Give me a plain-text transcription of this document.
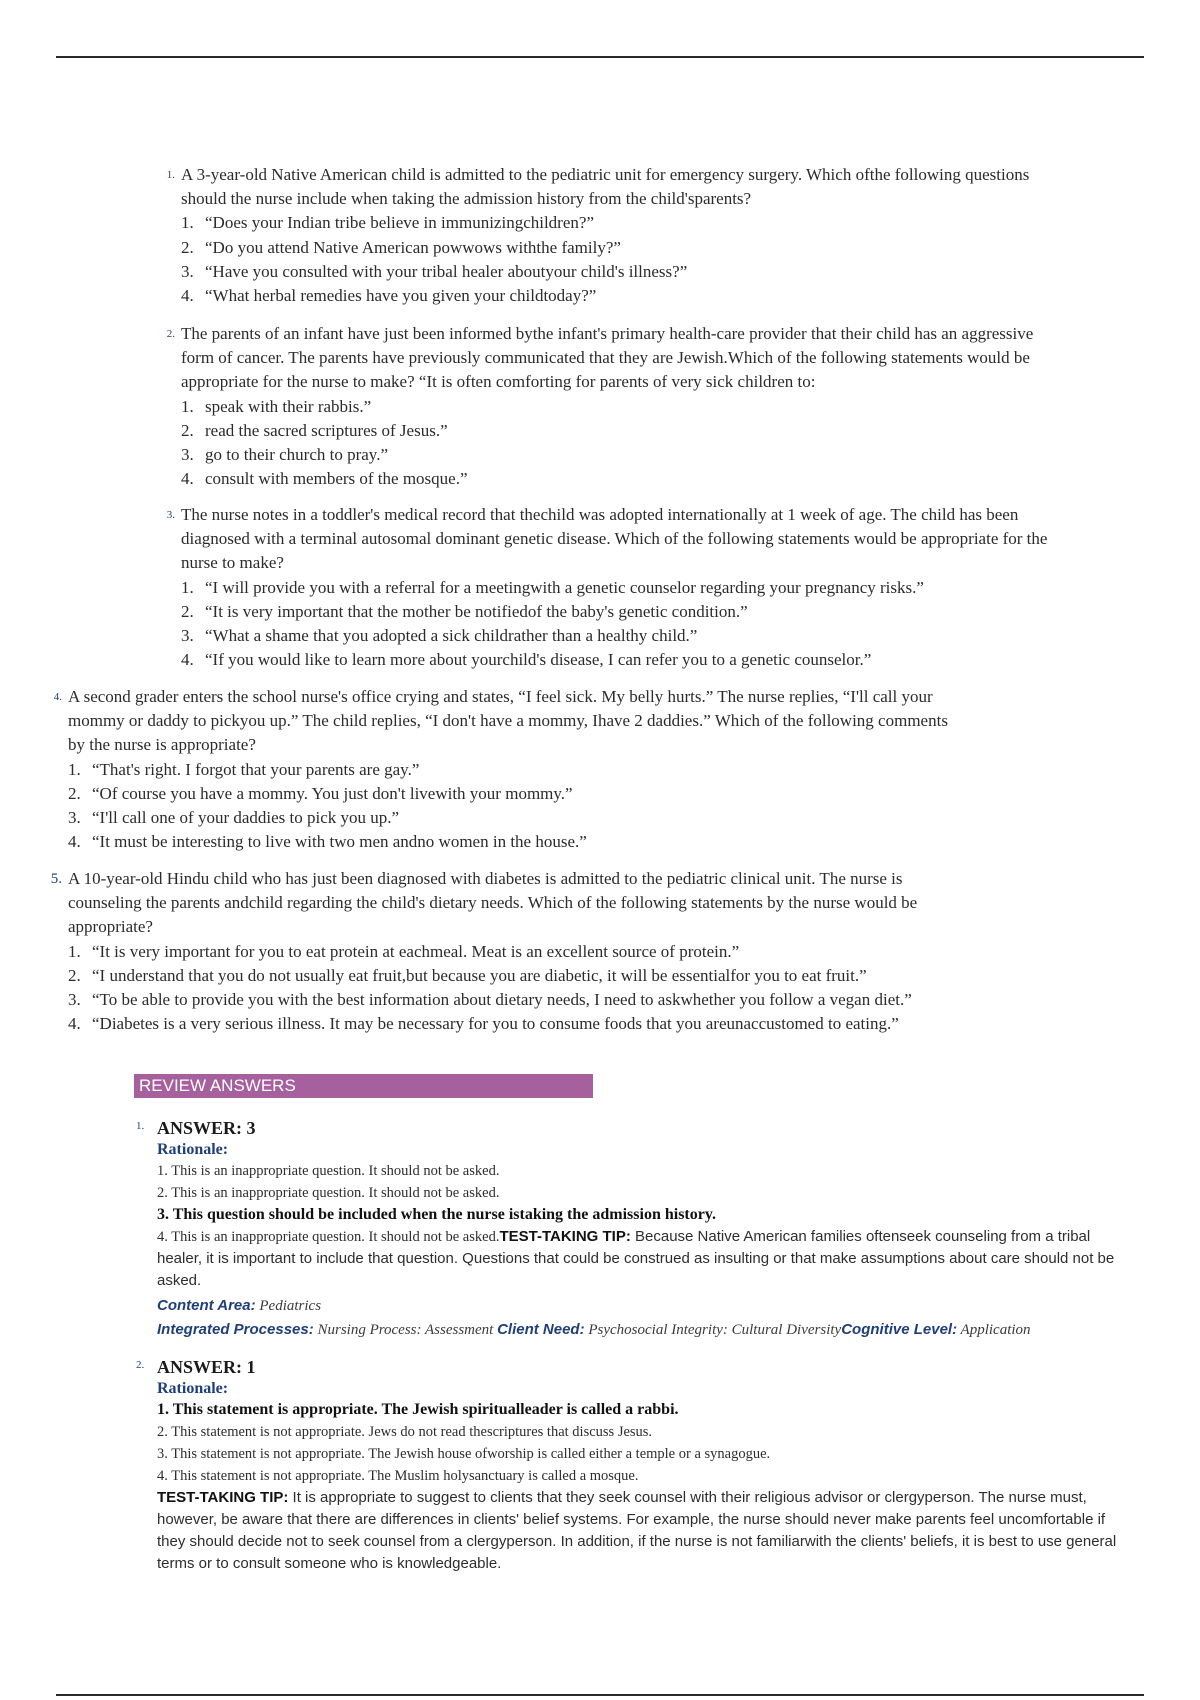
1. A 3-year-old Native American child is admitted to the pediatric unit for emergency surgery. Which ofthe following questions
should the nurse include when taking the admission history from the child'sparents?
1. “Does your Indian tribe believe in immunizingchildren?”
2. “Do you attend Native American powwows withthe family?”
3. “Have you consulted with your tribal healer aboutyour child's illness?”
4. “What herbal remedies have you given your childtoday?”
2. The parents of an infant have just been informed bythe infant's primary health-care provider that their child has an aggressive
form of cancer. The parents have previously communicated that they are Jewish.Which of the following statements would be
appropriate for the nurse to make? “It is often comforting for parents of very sick children to:
1. speak with their rabbis.”
2. read the sacred scriptures of Jesus.”
3. go to their church to pray.”
4. consult with members of the mosque.”
3. The nurse notes in a toddler's medical record that thechild was adopted internationally at 1 week of age. The child has been
diagnosed with a terminal autosomal dominant genetic disease. Which of the following statements would be appropriate for the
nurse to make?
1. “I will provide you with a referral for a meetingwith a genetic counselor regarding your pregnancy risks.”
2. “It is very important that the mother be notifiedof the baby's genetic condition.”
3. “What a shame that you adopted a sick childrather than a healthy child.”
4. “If you would like to learn more about yourchild's disease, I can refer you to a genetic counselor.”
4. A second grader enters the school nurse's office crying and states, “I feel sick. My belly hurts.” The nurse replies, “I'll call your
mommy or daddy to pickyou up.” The child replies, “I don't have a mommy, Ihave 2 daddies.” Which of the following comments
by the nurse is appropriate?
1. “That's right. I forgot that your parents are gay.”
2. “Of course you have a mommy. You just don't livewith your mommy.”
3. “I'll call one of your daddies to pick you up.”
4. “It must be interesting to live with two men andno women in the house.”
5. A 10-year-old Hindu child who has just been diagnosed with diabetes is admitted to the pediatric clinical unit. The nurse is
counseling the parents andchild regarding the child's dietary needs. Which of the following statements by the nurse would be
appropriate?
1. “It is very important for you to eat protein at eachmeal. Meat is an excellent source of protein.”
2. “I understand that you do not usually eat fruit,but because you are diabetic, it will be essentialfor you to eat fruit.”
3. “To be able to provide you with the best information about dietary needs, I need to askwhether you follow a vegan diet.”
4. “Diabetes is a very serious illness. It may be necessary for you to consume foods that you areunaccustomed to eating.”
REVIEW ANSWERS
1. ANSWER: 3
Rationale:
1. This is an inappropriate question. It should not be asked.
2. This is an inappropriate question. It should not be asked.
3. This question should be included when the nurse istaking the admission history.
4. This is an inappropriate question. It should not be asked.TEST-TAKING TIP: Because Native American families oftenseek counseling from a tribal
healer, it is important to include that question. Questions that could be construed as insulting or that make assumptions about care should not be
asked.
Content Area: Pediatrics
Integrated Processes: Nursing Process: Assessment Client Need: Psychosocial Integrity: Cultural DiversityCognitive Level: Application
2. ANSWER: 1
Rationale:
1. This statement is appropriate. The Jewish spiritualleader is called a rabbi.
2. This statement is not appropriate. Jews do not read thescriptures that discuss Jesus.
3. This statement is not appropriate. The Jewish house ofworship is called either a temple or a synagogue.
4. This statement is not appropriate. The Muslim holysanctuary is called a mosque.
TEST-TAKING TIP: It is appropriate to suggest to clients that they seek counsel with their religious advisor or clergyperson. The nurse must,
however, be aware that there are differences in clients' belief systems. For example, the nurse should never make parents feel uncomfortable if
they should decide not to seek counsel from a clergyperson. In addition, if the nurse is not familiarwith the clients' beliefs, it is best to use general
terms or to consult someone who is knowledgeable.
